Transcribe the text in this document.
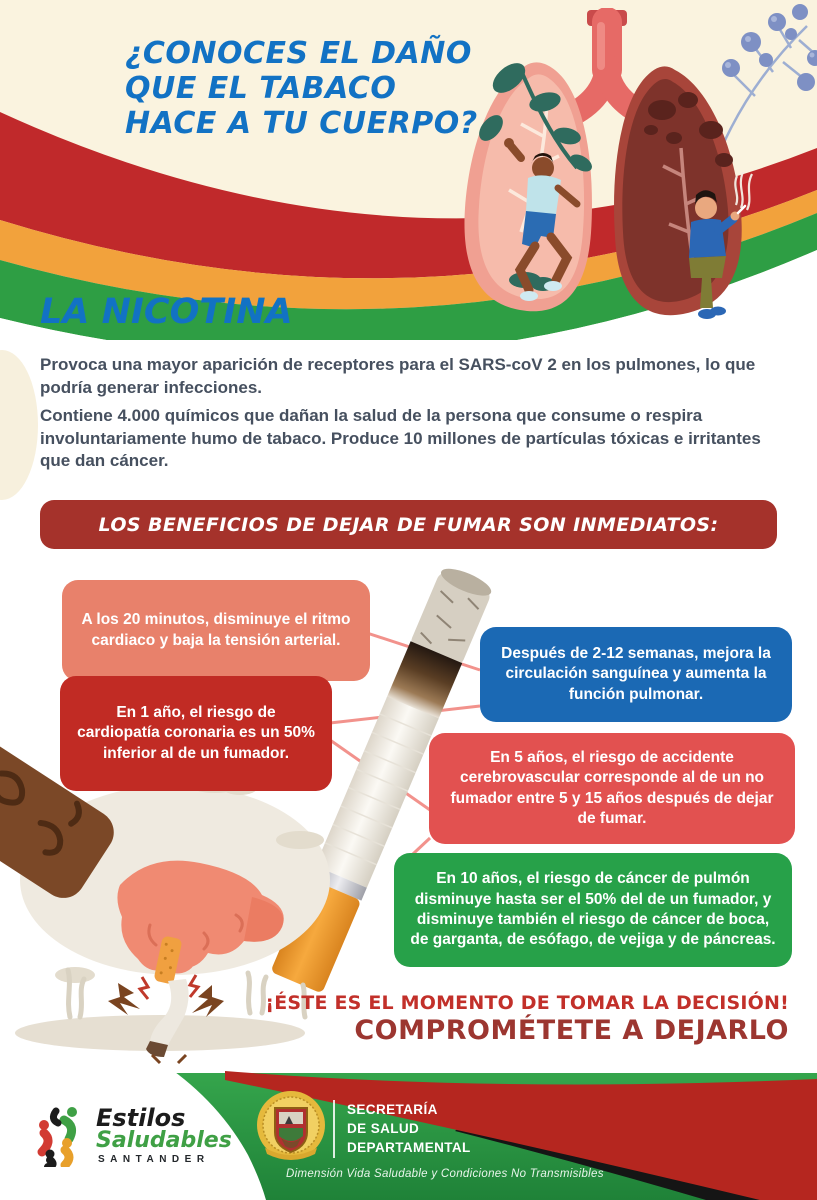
¿CONOCES EL DAÑO
QUE EL TABACO
HACE A TU CUERPO?
LA NICOTINA

Provoca una mayor aparición de receptores para el SARS-coV 2 en los pulmones, lo que podría generar infecciones.

Contiene 4.000 químicos que dañan la salud de la persona que consume o respira involuntariamente humo de tabaco. Produce 10 millones de partículas tóxicas e irritantes que dan cáncer.

LOS BENEFICIOS DE DEJAR DE FUMAR SON INMEDIATOS:

A los 20 minutos, disminuye el ritmo cardiaco y baja la tensión arterial.

Después de 2-12 semanas, mejora la circulación sanguínea y aumenta la función pulmonar.

En 1 año, el riesgo de cardiopatía coronaria es un 50% inferior al de un fumador.	En 5 años, el riesgo de accidente cerebrovascular corresponde al de un no fumador entre 5 y 15 años después de dejar de fumar.

En 10 años, el riesgo de cáncer de pulmón disminuye hasta ser el 50% del de un fumador, y disminuye también el riesgo de cáncer de boca, de garganta, de esófago, de vejiga y de páncreas.

¡ÉSTE ES EL MOMENTO DE TOMAR LA DECISIÓN!

COMPROMÉTETE A DEJARLO

Estilos

Saludables

SANTANDER

SECRETARÍA

DE SALUD

DEPARTAMENTAL

Dimensión Vida Saludable y Condiciones No Transmisibles
